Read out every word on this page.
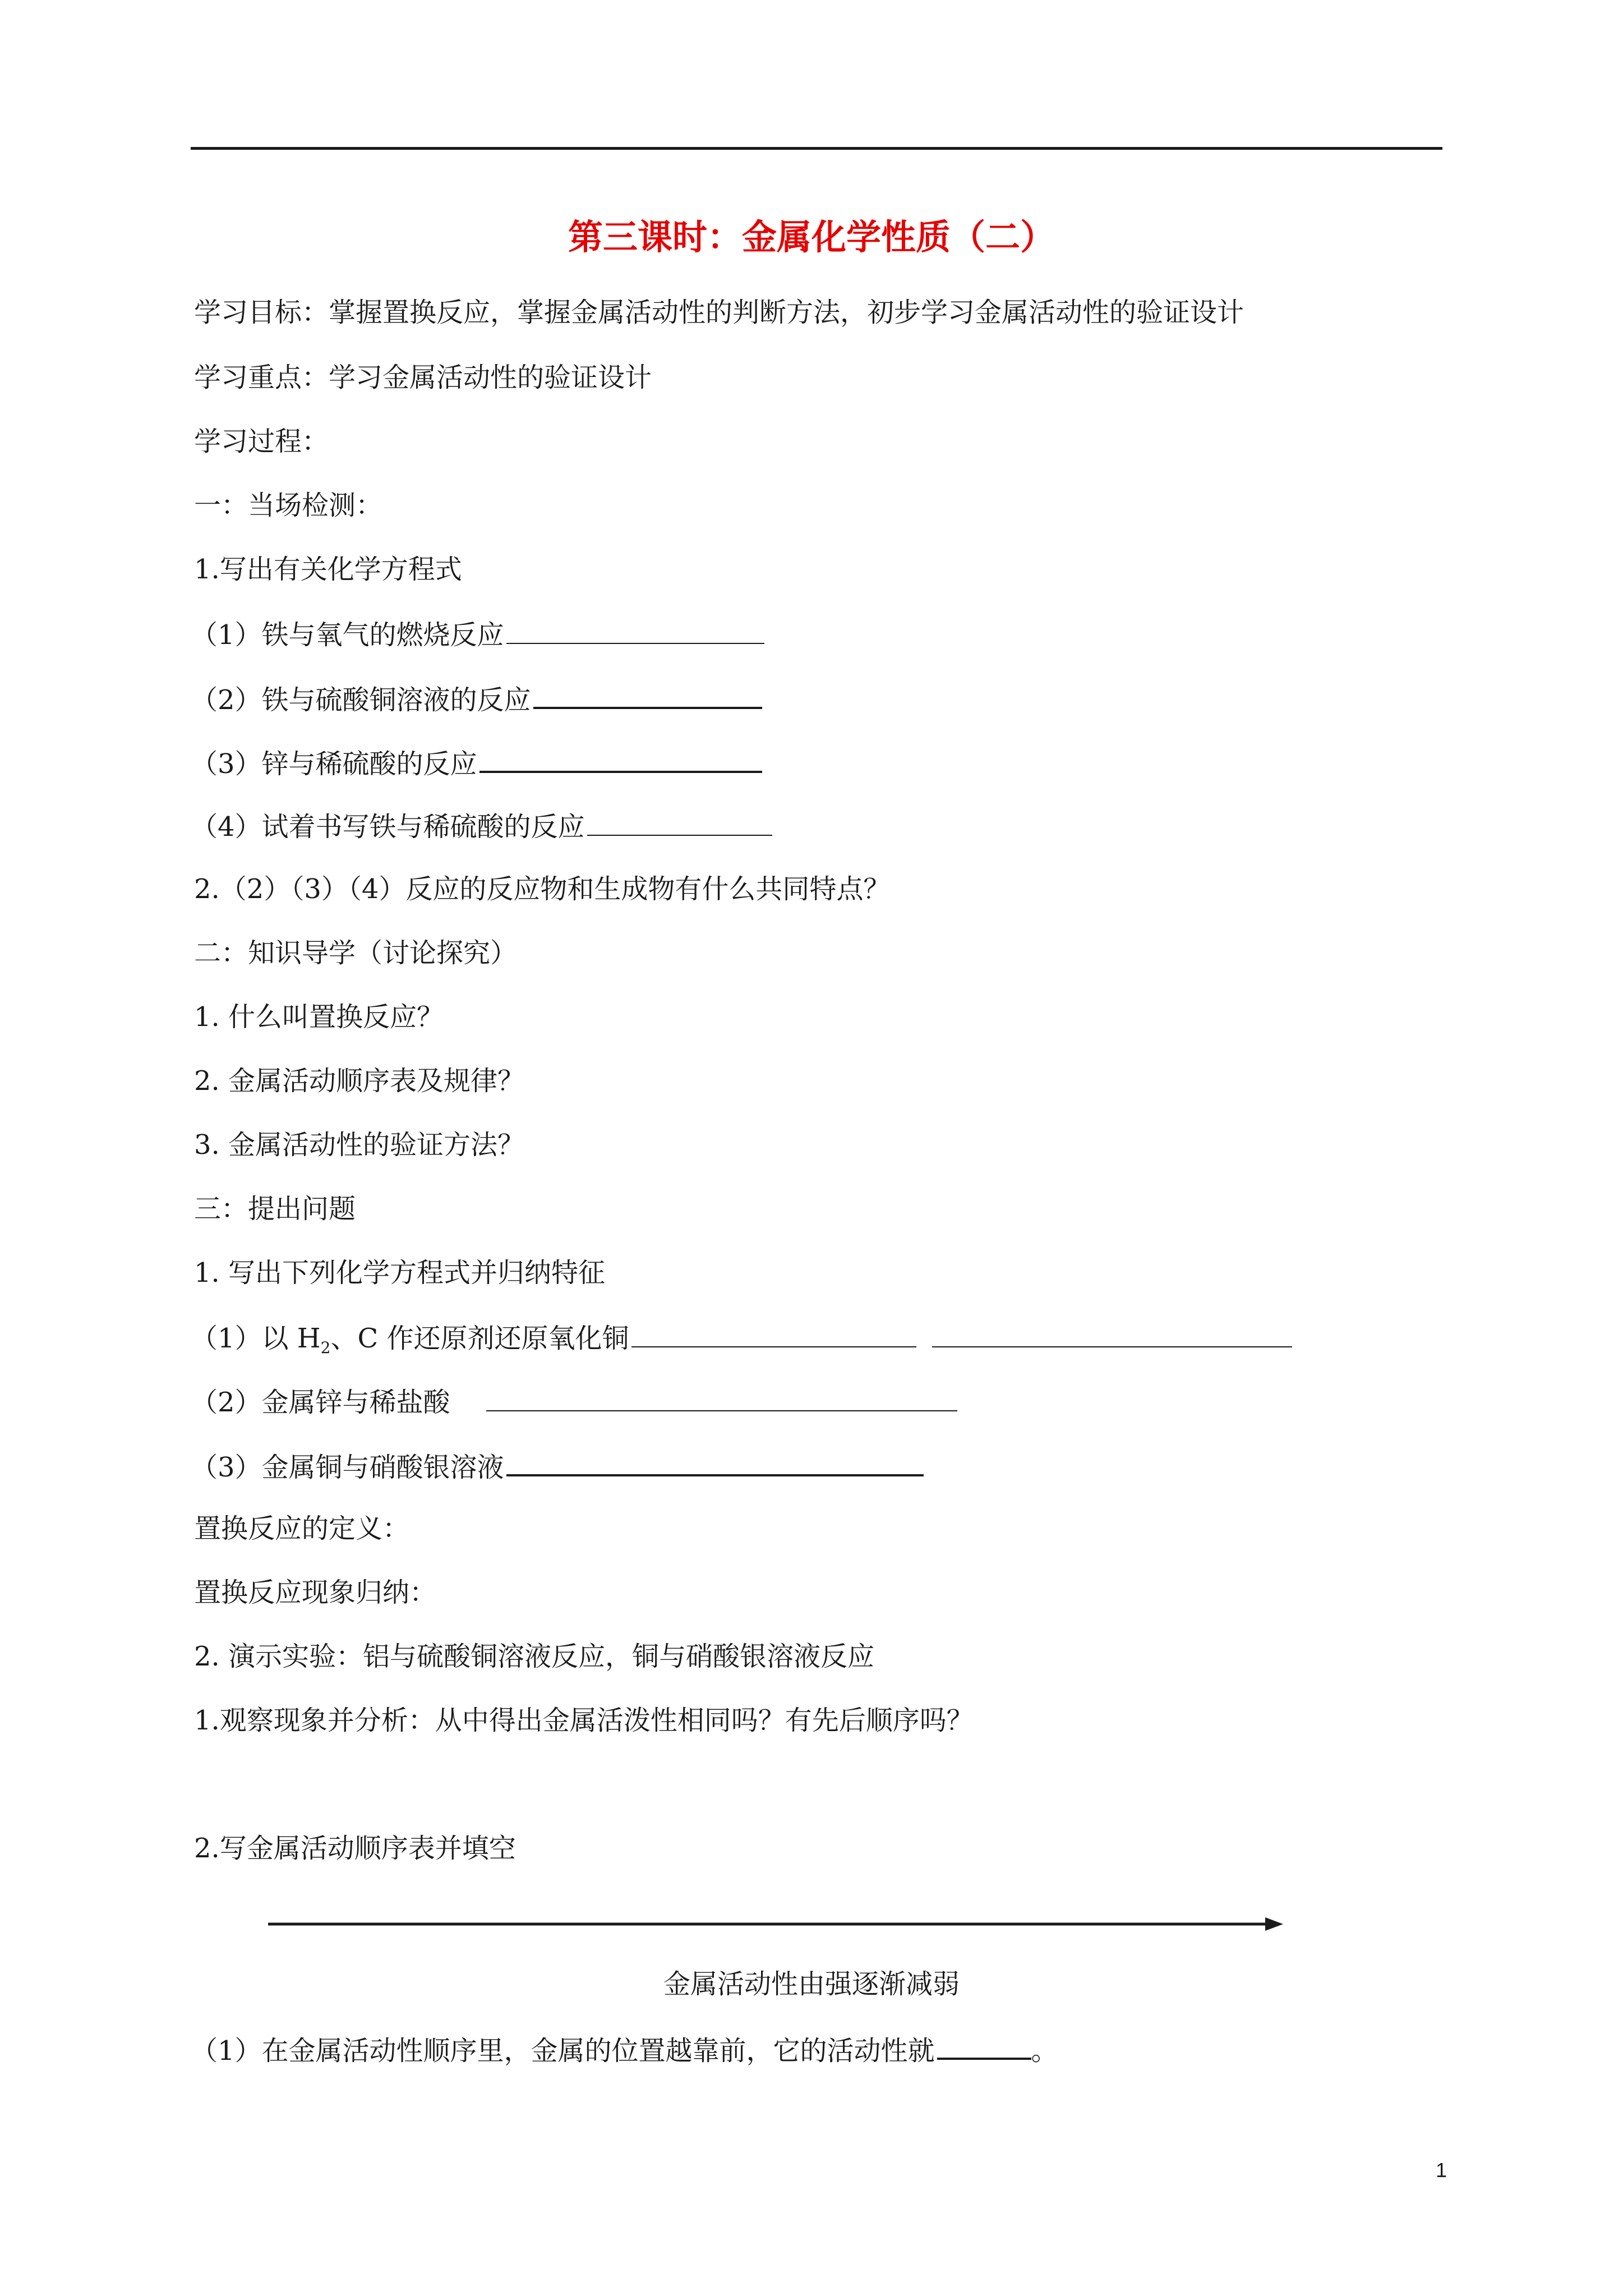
第三课时：金属化学性质（二）
学习目标：掌握置换反应，掌握金属活动性的判断方法，初步学习金属活动性的验证设计
学习重点：学习金属活动性的验证设计
学习过程：
一：当场检测：
1.写出有关化学方程式
（1）铁与氧气的燃烧反应
（2）铁与硫酸铜溶液的反应
（3）锌与稀硫酸的反应
（4）试着书写铁与稀硫酸的反应
2.（2）（3）（4）反应的反应物和生成物有什么共同特点？
二：知识导学（讨论探究）
1. 什么叫置换反应？
2. 金属活动顺序表及规律？
3. 金属活动性的验证方法？
三：提出问题
1. 写出下列化学方程式并归纳特征
（1）以 $H_2$、C 作还原剂还原氧化铜
（2）金属锌与稀盐酸
（3）金属铜与硝酸银溶液
置换反应的定义：
置换反应现象归纳：
2. 演示实验：铝与硫酸铜溶液反应，铜与硝酸银溶液反应
1.观察现象并分析：从中得出金属活泼性相同吗？有先后顺序吗？
2.写金属活动顺序表并填空
金属活动性由强逐渐减弱
（1）在金属活动性顺序里，金属的位置越靠前，它的活动性就	。
1
